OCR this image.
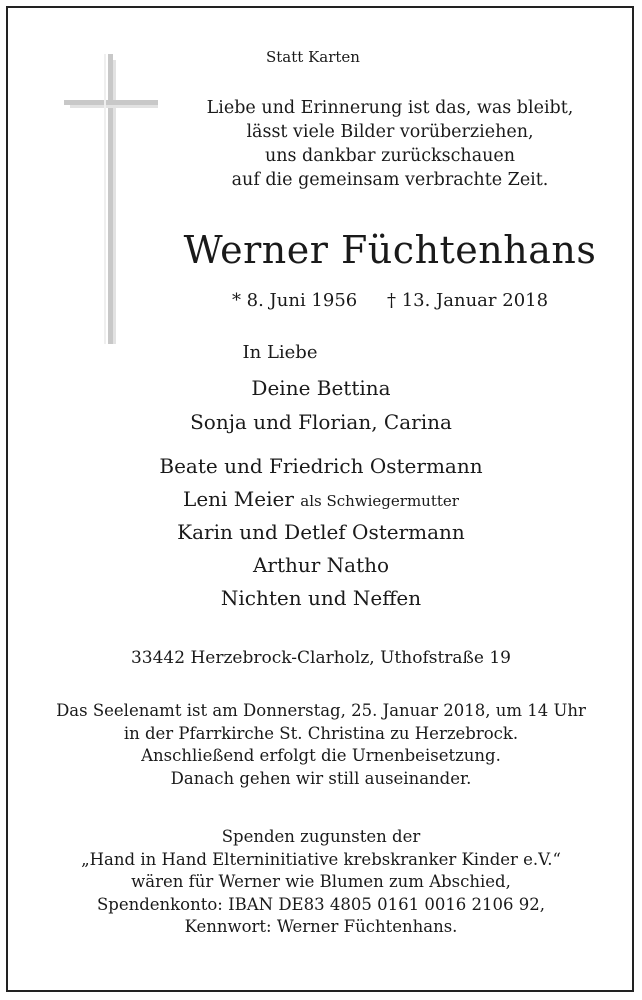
Statt Karten
Liebe und Erinnerung ist das, was bleibt,
lässt viele Bilder vorüberziehen,
uns dankbar zurückschauen
auf die gemeinsam verbrachte Zeit.
Werner Füchtenhans
* 8. Juni 1956 † 13. Januar 2018
In Liebe
Deine Bettina
Sonja und Florian, Carina
Beate und Friedrich Ostermann
Leni Meier als Schwiegermutter
Karin und Detlef Ostermann
Arthur Natho
Nichten und Neffen
33442 Herzebrock-Clarholz, Uthofstraße 19
Das Seelenamt ist am Donnerstag, 25. Januar 2018, um 14 Uhr
in der Pfarrkirche St. Christina zu Herzebrock.
Anschließend erfolgt die Urnenbeisetzung.
Danach gehen wir still auseinander.
Spenden zugunsten der
„Hand in Hand Elterninitiative krebskranker Kinder e.V.“
wären für Werner wie Blumen zum Abschied,
Spendenkonto: IBAN DE83 4805 0161 0016 2106 92,
Kennwort: Werner Füchtenhans.
